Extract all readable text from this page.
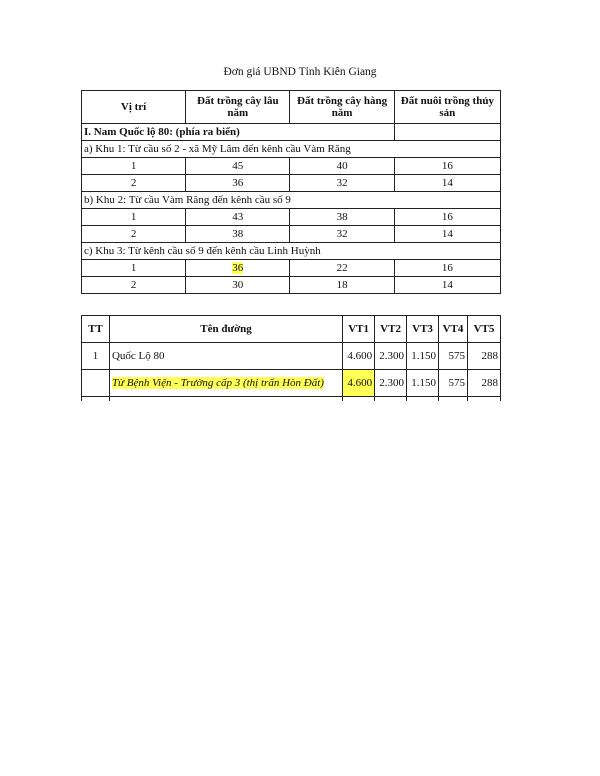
Đơn giá UBND Tỉnh Kiên Giang
Vị trí	Đất trồng cây lâu năm	Đất trồng cây hàng năm	Đất nuôi trồng thủy sản
I. Nam Quốc lộ 80: (phía ra biển)			
a) Khu 1: Từ cầu số 2 - xã Mỹ Lâm đến kênh cầu Vàm Răng			
1	45	40	16
2	36	32	14
b) Khu 2: Từ cầu Vàm Răng đến kênh cầu số 9			
1	43	38	16
2	38	32	14
c) Khu 3: Từ kênh cầu số 9 đến kênh cầu Linh Huỳnh			
1	36	22	16
2	30	18	14
TT	Tên đường	VT1	VT2	VT3	VT4	VT5
1	Quốc Lộ 80	4.600	2.300	1.150	575	288
	Từ Bệnh Viện - Trường cấp 3 (thị trấn Hòn Đất)	4.600	2.300	1.150	575	288
